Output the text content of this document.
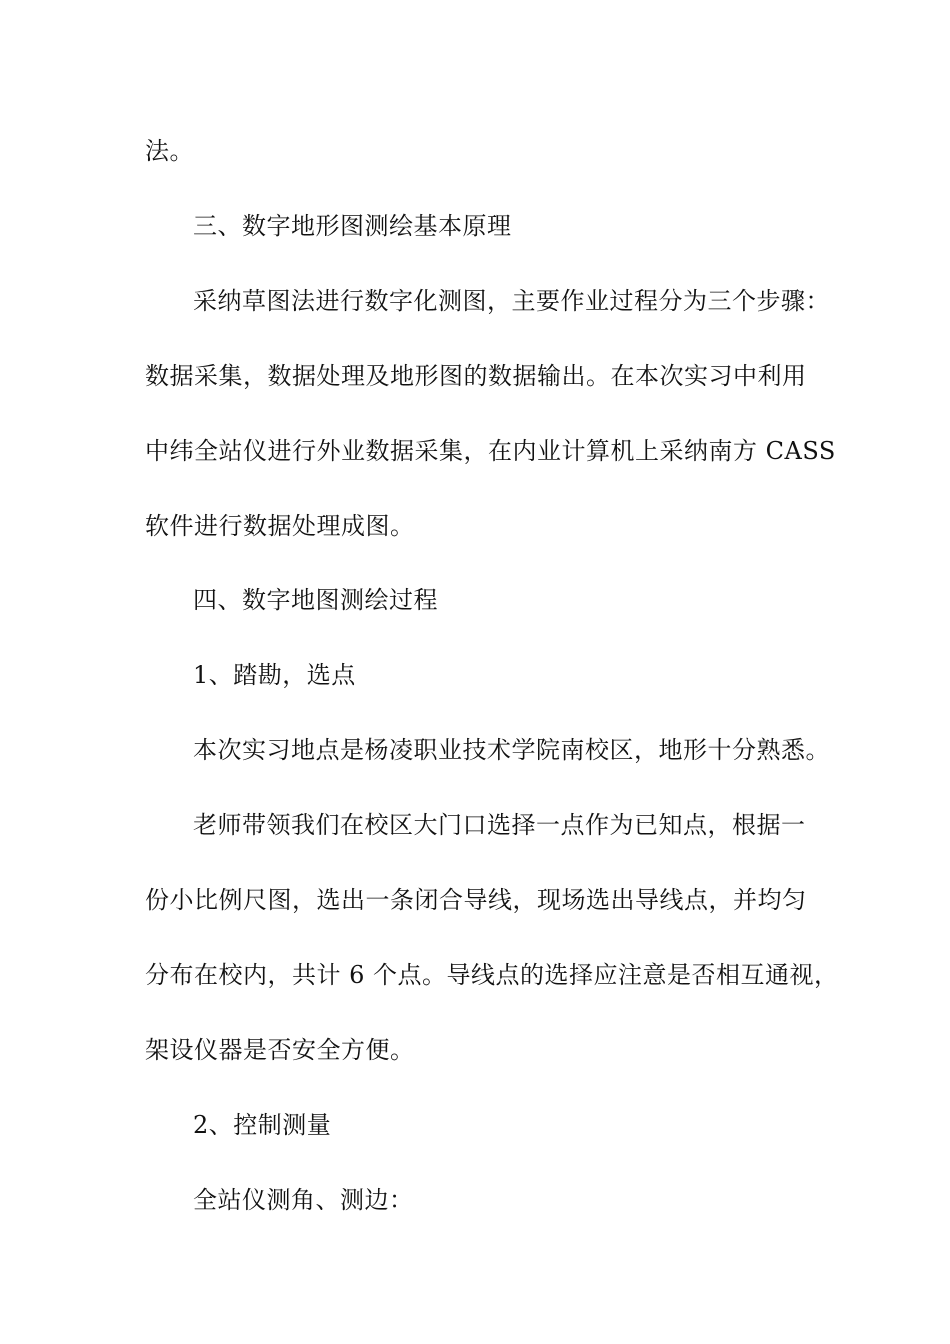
法。
三、数字地形图测绘基本原理
采纳草图法进行数字化测图，主要作业过程分为三个步骤：
数据采集，数据处理及地形图的数据输出。在本次实习中利用
中纬全站仪进行外业数据采集，在内业计算机上采纳南方 CASS
软件进行数据处理成图。
四、数字地图测绘过程
1、踏勘，选点
本次实习地点是杨凌职业技术学院南校区，地形十分熟悉。
老师带领我们在校区大门口选择一点作为已知点，根据一
份小比例尺图，选出一条闭合导线，现场选出导线点，并均匀
分布在校内，共计 6 个点。导线点的选择应注意是否相互通视，
架设仪器是否安全方便。
2、控制测量
全站仪测角、测边：
